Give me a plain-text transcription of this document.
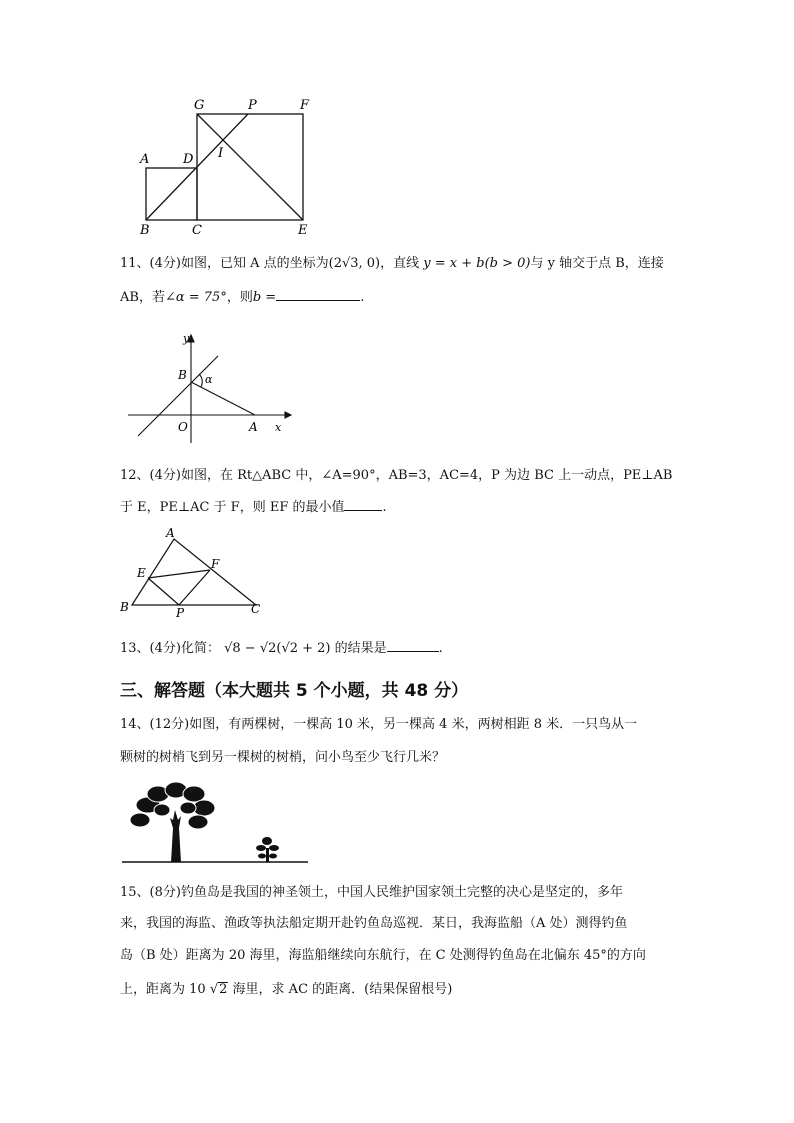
G	P	F
A	D I
B	C	E
11、(4分)如图，已知 A 点的坐标为(2√3, 0)，直线 y = x + b(b > 0)与 y 轴交于点 B，连接
AB，若∠α = 75°，则b =	.
y
B α
O	A x
12、(4分)如图，在 Rt△ABC 中，∠A=90°，AB=3，AC=4，P 为边 BC 上一动点，PE⊥AB
于 E，PE⊥AC 于 F，则 EF 的最小值	.
A
E
F
B	P	C
13、(4分)化简： √8 − √2(√2 + 2) 的结果是	.
三、解答题（本大题共 5 个小题，共 48 分）
14、(12分)如图，有两棵树，一棵高 10 米，另一棵高 4 米，两树相距 8 米．一只鸟从一
颗树的树梢飞到另一棵树的树梢，问小鸟至少飞行几米？
15、(8分)钓鱼岛是我国的神圣领土，中国人民维护国家领土完整的决心是坚定的，多年
来，我国的海监、渔政等执法船定期开赴钓鱼岛巡视．某日，我海监船（A 处）测得钓鱼
岛（B 处）距离为 20 海里，海监船继续向东航行，在 C 处测得钓鱼岛在北偏东 45°的方向
上，距离为 10 √2 海里，求 AC 的距离．(结果保留根号)
